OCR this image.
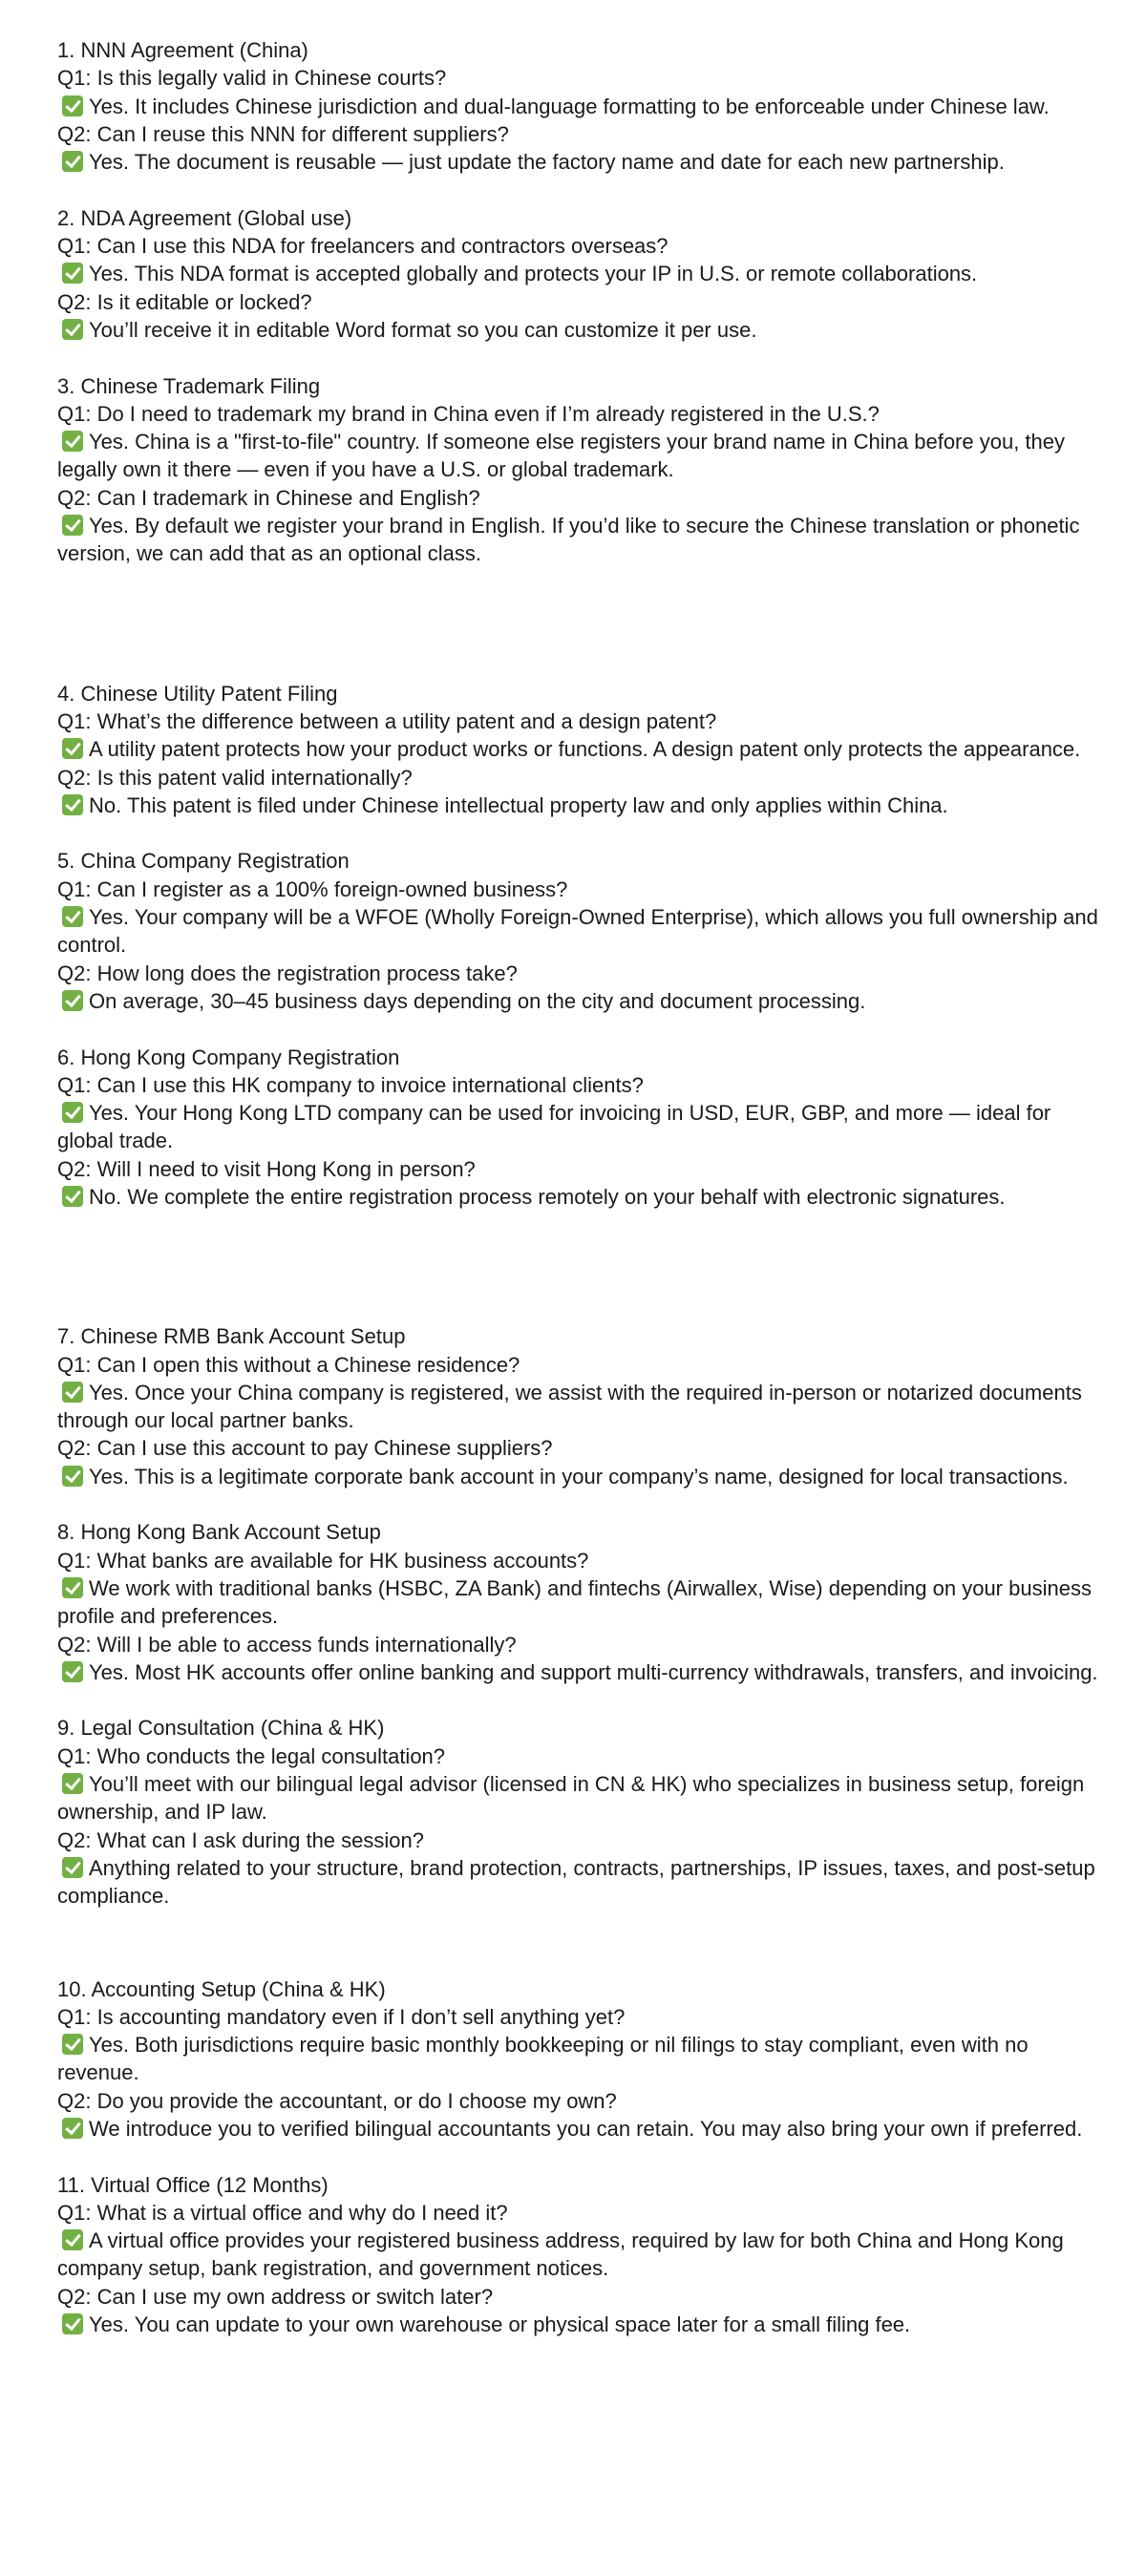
1. NNN Agreement (China)

Q1: Is this legally valid in Chinese courts?

Yes. It includes Chinese jurisdiction and dual-language formatting to be enforceable under Chinese law.

Q2: Can I reuse this NNN for different suppliers?

Yes. The document is reusable — just update the factory name and date for each new partnership.

2. NDA Agreement (Global use)

Q1: Can I use this NDA for freelancers and contractors overseas?

Yes. This NDA format is accepted globally and protects your IP in U.S. or remote collaborations.

Q2: Is it editable or locked?

You’ll receive it in editable Word format so you can customize it per use.

3. Chinese Trademark Filing

Q1: Do I need to trademark my brand in China even if I’m already registered in the U.S.?

Yes. China is a "first-to-file" country. If someone else registers your brand name in China before you, they legally own it there — even if you have a U.S. or global trademark.

Q2: Can I trademark in Chinese and English?

Yes. By default we register your brand in English. If you’d like to secure the Chinese translation or phonetic version, we can add that as an optional class.

4. Chinese Utility Patent Filing

Q1: What’s the difference between a utility patent and a design patent?

A utility patent protects how your product works or functions. A design patent only protects the appearance.

Q2: Is this patent valid internationally?

No. This patent is filed under Chinese intellectual property law and only applies within China.

5. China Company Registration

Q1: Can I register as a 100% foreign-owned business?

Yes. Your company will be a WFOE (Wholly Foreign-Owned Enterprise), which allows you full ownership and control.

Q2: How long does the registration process take?

On average, 30–45 business days depending on the city and document processing.

6. Hong Kong Company Registration

Q1: Can I use this HK company to invoice international clients?

Yes. Your Hong Kong LTD company can be used for invoicing in USD, EUR, GBP, and more — ideal for global trade.

Q2: Will I need to visit Hong Kong in person?

No. We complete the entire registration process remotely on your behalf with electronic signatures.

7. Chinese RMB Bank Account Setup

Q1: Can I open this without a Chinese residence?

Yes. Once your China company is registered, we assist with the required in-person or notarized documents through our local partner banks.

Q2: Can I use this account to pay Chinese suppliers?

Yes. This is a legitimate corporate bank account in your company’s name, designed for local transactions.

8. Hong Kong Bank Account Setup

Q1: What banks are available for HK business accounts?

We work with traditional banks (HSBC, ZA Bank) and fintechs (Airwallex, Wise) depending on your business profile and preferences.

Q2: Will I be able to access funds internationally?

Yes. Most HK accounts offer online banking and support multi-currency withdrawals, transfers, and invoicing.

9. Legal Consultation (China & HK)

Q1: Who conducts the legal consultation?

You’ll meet with our bilingual legal advisor (licensed in CN & HK) who specializes in business setup, foreign ownership, and IP law.

Q2: What can I ask during the session?

Anything related to your structure, brand protection, contracts, partnerships, IP issues, taxes, and post-setup compliance.

10. Accounting Setup (China & HK)

Q1: Is accounting mandatory even if I don’t sell anything yet?

Yes. Both jurisdictions require basic monthly bookkeeping or nil filings to stay compliant, even with no revenue.

Q2: Do you provide the accountant, or do I choose my own?

We introduce you to verified bilingual accountants you can retain. You may also bring your own if preferred.

11. Virtual Office (12 Months)

Q1: What is a virtual office and why do I need it?

A virtual office provides your registered business address, required by law for both China and Hong Kong company setup, bank registration, and government notices.

Q2: Can I use my own address or switch later?

Yes. You can update to your own warehouse or physical space later for a small filing fee.
